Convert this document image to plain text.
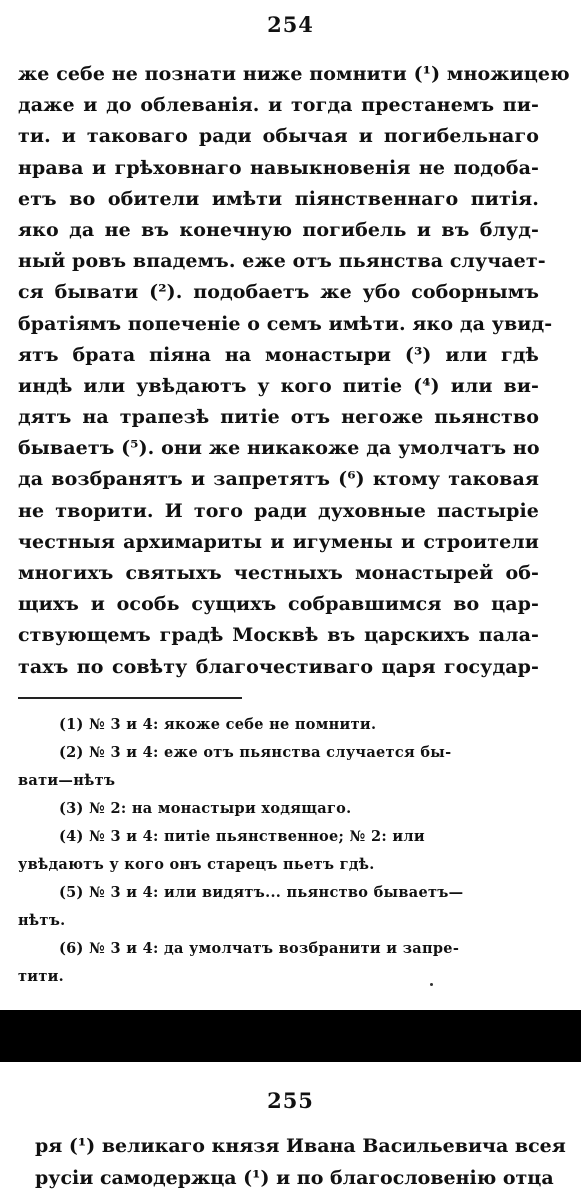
254
же себе не познати ниже помнити (¹) множицею
даже и до облеванія. и тогда престанемъ пи-
ти. и таковаго ради обычая и погибельнаго
нрава и грѣховнаго навыкновенія не подоба-
етъ во обители имѣти піянственнаго питія.
яко да не въ конечную погибель и въ блуд-
ный ровъ впадемъ. еже отъ пьянства случает-
ся бывати (²). подобаетъ же убо соборнымъ
братіямъ попеченіе о семъ имѣти. яко да увид-
ятъ брата піяна на монастыри (³) или гдѣ
индѣ или увѣдаютъ у кого питіе (⁴) или ви-
дятъ на трапезѣ питіе отъ негоже пьянство
бываетъ (⁵). они же никакоже да умолчатъ но
да возбранятъ и запретятъ (⁶) ктому таковая
не творити. И того ради духовные пастыріе
честныя архимариты и игумены и строители
многихъ святыхъ честныхъ монастырей об-
щихъ и особь сущихъ собравшимся во цар-
ствующемъ градѣ Москвѣ въ царскихъ пала-
тахъ по совѣту благочестиваго царя государ-
(1) № 3 и 4: якоже себе не помнити.
(2) № 3 и 4: еже отъ пьянства случается бы-
вати—нѣтъ
(3) № 2: на монастыри ходящаго.
(4) № 3 и 4: питіе пьянственное; № 2: или
увѣдаютъ у кого онъ старецъ пьетъ гдѣ.
(5) № 3 и 4: или видятъ... пьянство бываетъ—
нѣтъ.
(6) № 3 и 4: да умолчатъ возбранити и запре-
тити.
255
ря (¹) великаго князя Ивана Васильевича всея
русіи самодержца (¹) и по благословенію отца
